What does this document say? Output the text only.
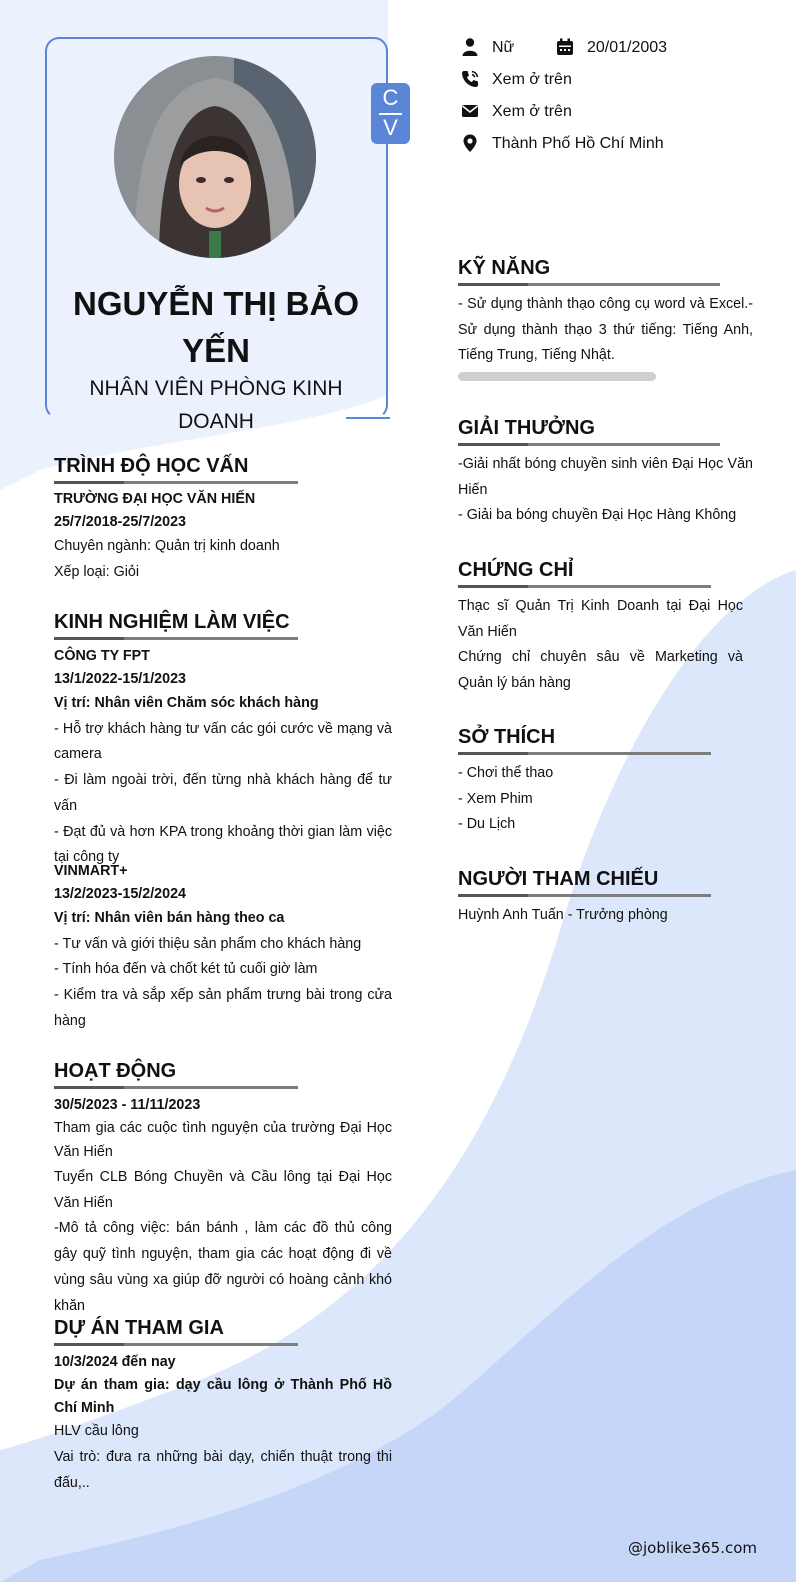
C
V
NGUYỄN THỊ BẢO YẾN
NHÂN VIÊN PHÒNG KINH DOANH
Nữ	20/01/2003
Xem ở trên
Xem ở trên
Thành Phố Hồ Chí Minh
TRÌNH ĐỘ HỌC VẤN
TRƯỜNG ĐẠI HỌC VĂN HIẾN
25/7/2018-25/7/2023
Chuyên ngành: Quản trị kinh doanh
Xếp loại: Giỏi
KINH NGHIỆM LÀM VIỆC
CÔNG TY FPT
13/1/2022-15/1/2023
Vị trí: Nhân viên Chăm sóc khách hàng
- Hỗ trợ khách hàng tư vấn các gói cước về mạng và camera
- Đi làm ngoài trời, đến từng nhà khách hàng để tư vấn
- Đạt đủ và hơn KPA trong khoảng thời gian làm việc tại công ty
VINMART+
13/2/2023-15/2/2024
Vị trí: Nhân viên bán hàng theo ca
- Tư vấn và giới thiệu sản phẩm cho khách hàng
- Tính hóa đến và chốt két tủ cuối giờ làm
- Kiểm tra và sắp xếp sản phẩm trưng bài trong cửa hàng
HOẠT ĐỘNG
30/5/2023 - 11/11/2023
Tham gia các cuộc tình nguyện của trường Đại Học Văn Hiến
Tuyển CLB Bóng Chuyền và Cầu lông tại Đại Học Văn Hiến
-Mô tả công việc: bán bánh , làm các đồ thủ công gây quỹ tình nguyện, tham gia các hoạt động đi về vùng sâu vùng xa giúp đỡ người có hoàng cảnh khó khăn
DỰ ÁN THAM GIA
10/3/2024 đến nay
Dự án tham gia: dạy cầu lông ở Thành Phố Hồ Chí Minh
HLV cầu lông
Vai trò: đưa ra những bài dạy, chiến thuật trong thi đấu,..
KỸ NĂNG
- Sử dụng thành thạo công cụ word và Excel.- Sử dụng thành thạo 3 thứ tiếng: Tiếng Anh, Tiếng Trung, Tiếng Nhật.
GIẢI THƯỞNG
-Giải nhất bóng chuyền sinh viên Đại Học Văn Hiến
- Giải ba bóng chuyền Đại Học Hàng Không
CHỨNG CHỈ
Thạc sĩ Quản Trị Kinh Doanh tại Đại Học Văn Hiến
Chứng chỉ chuyên sâu về Marketing và Quản lý bán hàng
SỞ THÍCH
- Chơi thể thao
- Xem Phim
- Du Lịch
NGƯỜI THAM CHIẾU
Huỳnh Anh Tuấn - Trưởng phòng
@joblike365.com
